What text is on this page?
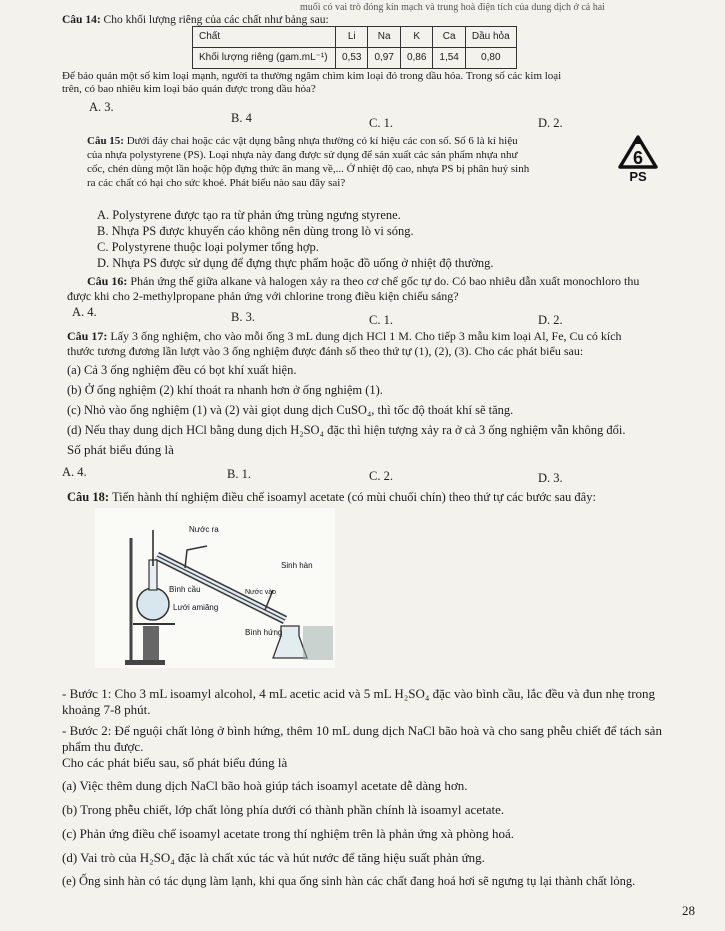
muối có vai trò đóng kín mạch và trung hoà điện tích của dung dịch ở cả hai
Câu 14: Cho khối lượng riêng của các chất như bảng sau:
Chất	Li	Na	K	Ca	Dầu hỏa
Khối lượng riêng (gam.mL⁻¹)	0,53	0,97	0,86	1,54	0,80
Để bảo quản một số kim loại mạnh, người ta thường ngâm chìm kim loại đó trong dầu hỏa. Trong số các kim loại
trên, có bao nhiêu kim loại bảo quản được trong dầu hỏa?
A. 3.
B. 4	C. 1.	D. 2.
Câu 15: Dưới đáy chai hoặc các vật dụng bằng nhựa thường có kí hiệu các con số. Số 6 là kí hiệu
của nhựa polystyrene (PS). Loại nhựa này đang được sử dụng để sản xuất các sản phẩm nhựa như
cốc, chén dùng một lần hoặc hộp đựng thức ăn mang về,... Ở nhiệt độ cao, nhựa PS bị phân huỷ sinh
ra các chất có hại cho sức khoẻ. Phát biểu nào sau đây sai?
6
PS
A. Polystyrene được tạo ra từ phản ứng trùng ngưng styrene.
B. Nhựa PS được khuyến cáo không nên dùng trong lò vi sóng.
C. Polystyrene thuộc loại polymer tổng hợp.
D. Nhựa PS được sử dụng để đựng thực phẩm hoặc đồ uống ở nhiệt độ thường.
Câu 16: Phản ứng thế giữa alkane và halogen xảy ra theo cơ chế gốc tự do. Có bao nhiêu dẫn xuất monochloro thu
được khi cho 2-methylpropane phản ứng với chlorine trong điều kiện chiếu sáng?
A. 4.	B. 3.	C. 1.	D. 2.
Câu 17: Lấy 3 ống nghiệm, cho vào mỗi ống 3 mL dung dịch HCl 1 M. Cho tiếp 3 mẫu kim loại Al, Fe, Cu có kích
thước tương đương lần lượt vào 3 ống nghiệm được đánh số theo thứ tự (1), (2), (3). Cho các phát biểu sau:
(a) Cả 3 ống nghiệm đều có bọt khí xuất hiện.
(b) Ở ống nghiệm (2) khí thoát ra nhanh hơn ở ống nghiệm (1).
(c) Nhỏ vào ống nghiệm (1) và (2) vài giọt dung dịch CuSO₄, thì tốc độ thoát khí sẽ tăng.
(d) Nếu thay dung dịch HCl bằng dung dịch H₂SO₄ đặc thì hiện tượng xảy ra ở cả 3 ống nghiệm vẫn không đổi.
Số phát biểu đúng là
A. 4.	B. 1.	C. 2.	D. 3.
Câu 18: Tiến hành thí nghiệm điều chế isoamyl acetate (có mùi chuối chín) theo thứ tự các bước sau đây:
Nước ra
Sinh hàn
Bình cầu	Nước vào
Lưới amiăng
Bình hứng
- Bước 1: Cho 3 mL isoamyl alcohol, 4 mL acetic acid và 5 mL H₂SO₄ đặc vào bình cầu, lắc đều và đun nhẹ trong
khoảng 7-8 phút.
- Bước 2: Để nguội chất lỏng ở bình hứng, thêm 10 mL dung dịch NaCl bão hoà và cho sang phễu chiết để tách sản
phẩm thu được.
Cho các phát biểu sau, số phát biểu đúng là
(a) Việc thêm dung dịch NaCl bão hoà giúp tách isoamyl acetate dễ dàng hơn.
(b) Trong phễu chiết, lớp chất lỏng phía dưới có thành phần chính là isoamyl acetate.
(c) Phản ứng điều chế isoamyl acetate trong thí nghiệm trên là phản ứng xà phòng hoá.
(d) Vai trò của H₂SO₄ đặc là chất xúc tác và hút nước để tăng hiệu suất phản ứng.
(e) Ống sinh hàn có tác dụng làm lạnh, khi qua ống sinh hàn các chất đang hoá hơi sẽ ngưng tụ lại thành chất lỏng.
28
